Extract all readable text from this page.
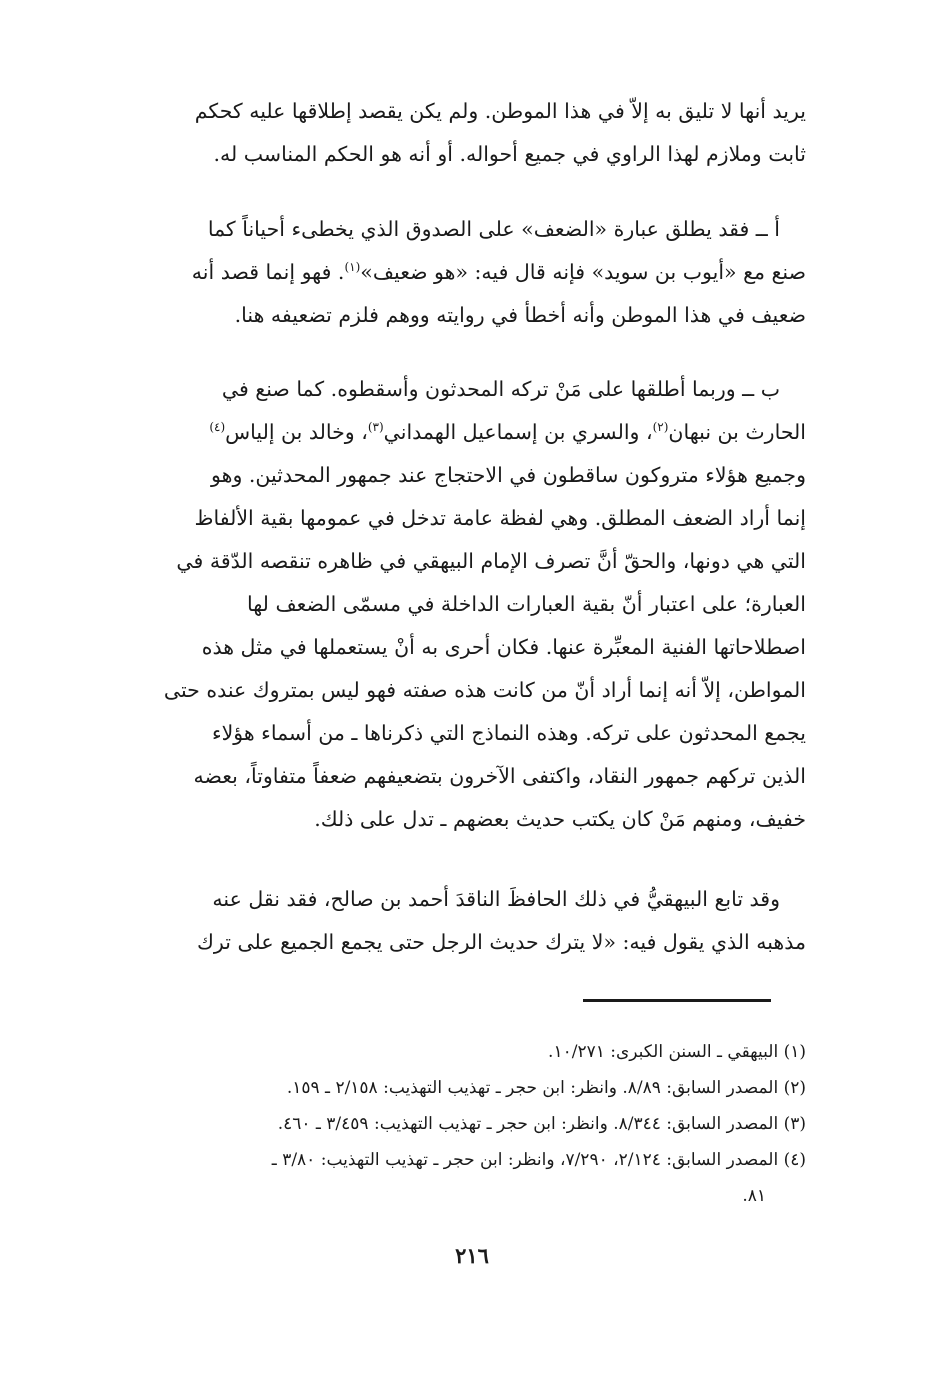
يريد أنها لا تليق به إلاّ في هذا الموطن. ولم يكن يقصد إطلاقها عليه كحكم
ثابت وملازم لهذا الراوي في جميع أحواله. أو أنه هو الحكم المناسب له.

أ ــ فقد يطلق عبارة «الضعف» على الصدوق الذي يخطىء أحياناً كما
صنع مع «أيوب بن سويد» فإنه قال فيه: «هو ضعيف»$^{(١)}$. فهو إنما قصد أنه
ضعيف في هذا الموطن وأنه أخطأ في روايته ووهم فلزم تضعيفه هنا.

ب ــ وربما أطلقها على مَنْ تركه المحدثون وأسقطوه. كما صنع في
الحارث بن نبهان$^{(٢)}$، والسري بن إسماعيل الهمداني$^{(٣)}$، وخالد بن إلياس$^{(٤)}$
وجميع هؤلاء متروكون ساقطون في الاحتجاج عند جمهور المحدثين. وهو
إنما أراد الضعف المطلق. وهي لفظة عامة تدخل في عمومها بقية الألفاظ
التي هي دونها، والحقّ أنَّ تصرف الإمام البيهقي في ظاهره تنقصه الدّقة في
العبارة؛ على اعتبار أنّ بقية العبارات الداخلة في مسمّى الضعف لها
اصطلاحاتها الفنية المعبِّرة عنها. فكان أحرى به أنْ يستعملها في مثل هذه
المواطن، إلاّ أنه إنما أراد أنّ من كانت هذه صفته فهو ليس بمتروك عنده حتى
يجمع المحدثون على تركه. وهذه النماذج التي ذكرناها ـ من أسماء هؤلاء
الذين تركهم جمهور النقاد، واكتفى الآخرون بتضعيفهم ضعفاً متفاوتاً، بعضه
خفيف، ومنهم مَنْ كان يكتب حديث بعضهم ـ تدل على ذلك.

وقد تابع البيهقيُّ في ذلك الحافظَ الناقدَ أحمد بن صالح، فقد نقل عنه
مذهبه الذي يقول فيه: «لا يترك حديث الرجل حتى يجمع الجميع على ترك

(١) البيهقي ـ السنن الكبرى: ١٠/٢٧١.
(٢) المصدر السابق: ٨/٨٩. وانظر: ابن حجر ـ تهذيب التهذيب: ٢/١٥٨ ـ ١٥٩.
(٣) المصدر السابق: ٨/٣٤٤. وانظر: ابن حجر ـ تهذيب التهذيب: ٣/٤٥٩ ـ ٤٦٠.
(٤) المصدر السابق: ٢/١٢٤، ٧/٢٩٠، وانظر: ابن حجر ـ تهذيب التهذيب: ٣/٨٠ ـ
٨١.
٢١٦
